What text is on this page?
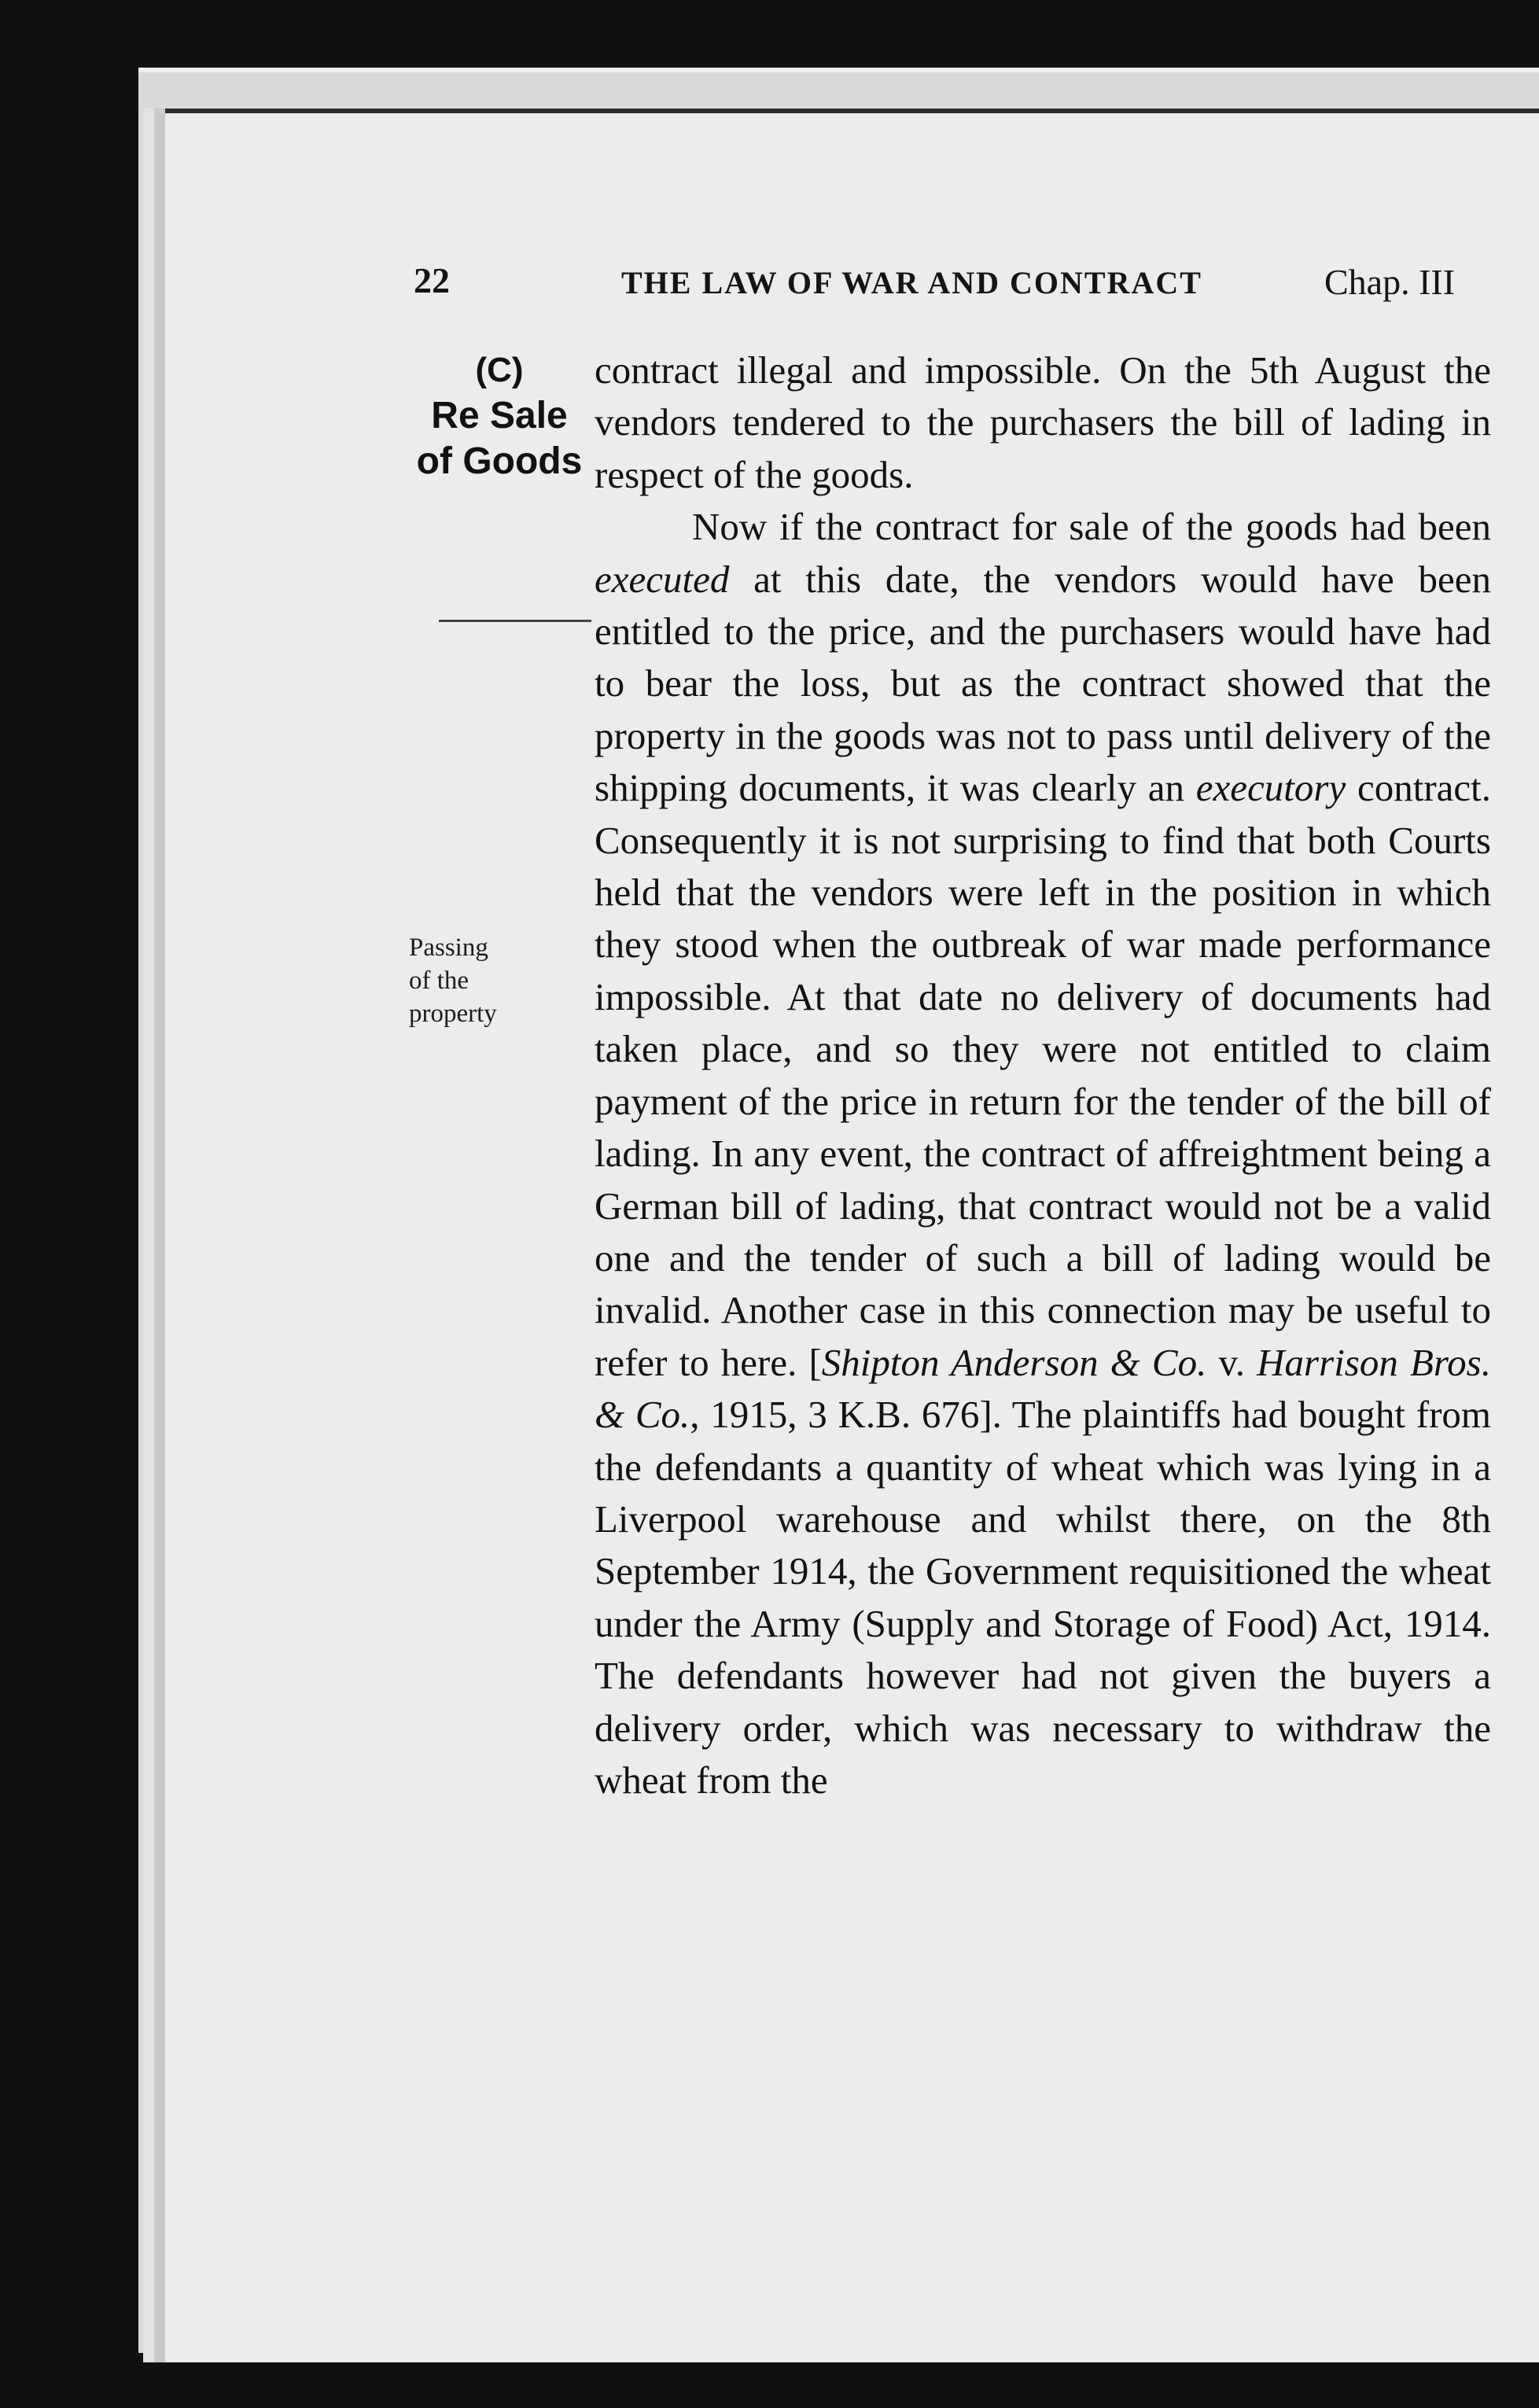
22	THE LAW OF WAR AND CONTRACT	Chap. III
(C)
Re Sale
of Goods
Passing
of the
property

contract illegal and impossible. On the 5th August the vendors tendered to the purchasers the bill of lading in respect of the goods.

Now if the contract for sale of the goods had been executed at this date, the vendors would have been entitled to the price, and the purchasers would have had to bear the loss, but as the contract showed that the property in the goods was not to pass until delivery of the shipping documents, it was clearly an executory contract. Consequently it is not surprising to find that both Courts held that the vendors were left in the position in which they stood when the outbreak of war made performance impossible. At that date no delivery of documents had taken place, and so they were not entitled to claim payment of the price in return for the tender of the bill of lading. In any event, the contract of affreightment being a German bill of lading, that contract would not be a valid one and the tender of such a bill of lading would be invalid. Another case in this connection may be useful to refer to here. [Shipton Anderson & Co. v. Harrison Bros. & Co., 1915, 3 K.B. 676]. The plaintiffs had bought from the defendants a quantity of wheat which was lying in a Liverpool warehouse and whilst there, on the 8th September 1914, the Government requisitioned the wheat under the Army (Supply and Storage of Food) Act, 1914. The defendants however had not given the buyers a delivery order, which was necessary to withdraw the wheat from the
